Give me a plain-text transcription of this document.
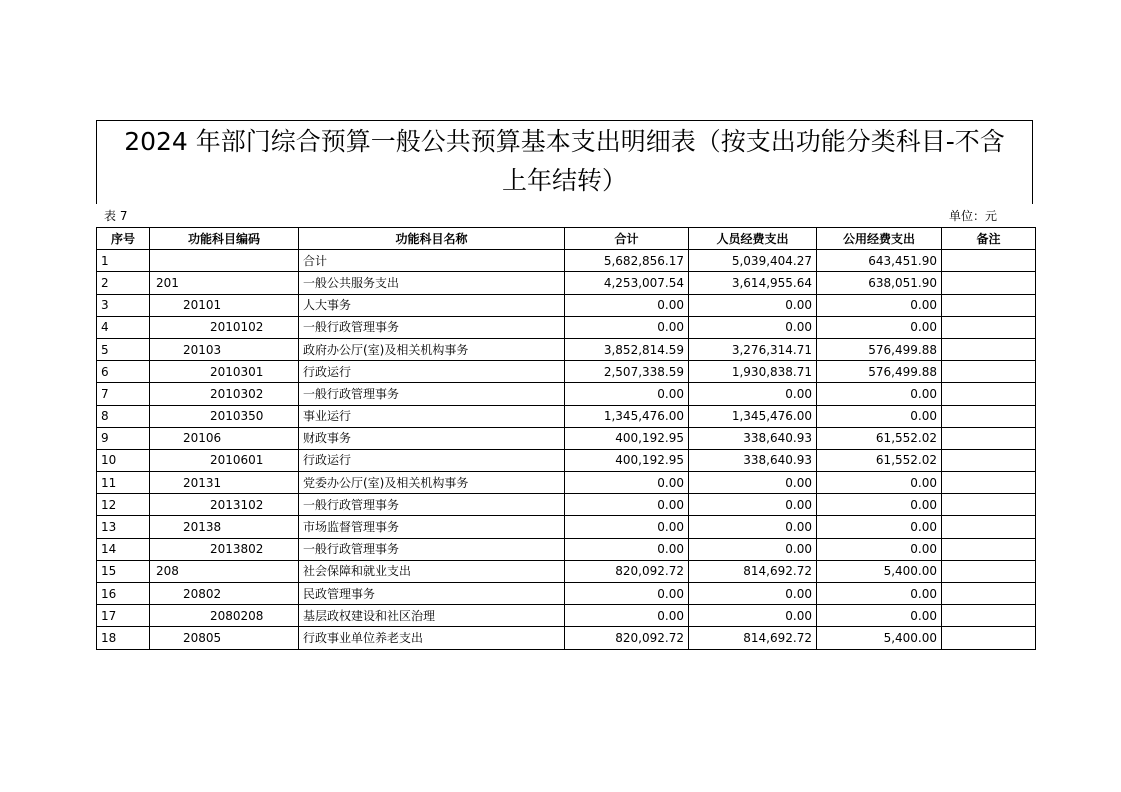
2024 年部门综合预算一般公共预算基本支出明细表（按支出功能分类科目-不含
上年结转）
表 7	单位：元
序号	功能科目编码	功能科目名称	合计	人员经费支出	公用经费支出	备注
1		合计	5,682,856.17	5,039,404.27	643,451.90	
2	201	一般公共服务支出	4,253,007.54	3,614,955.64	638,051.90	
3	20101	人大事务	0.00	0.00	0.00	
4	2010102	一般行政管理事务	0.00	0.00	0.00	
5	20103	政府办公厅(室)及相关机构事务	3,852,814.59	3,276,314.71	576,499.88	
6	2010301	行政运行	2,507,338.59	1,930,838.71	576,499.88	
7	2010302	一般行政管理事务	0.00	0.00	0.00	
8	2010350	事业运行	1,345,476.00	1,345,476.00	0.00	
9	20106	财政事务	400,192.95	338,640.93	61,552.02	
10	2010601	行政运行	400,192.95	338,640.93	61,552.02	
11	20131	党委办公厅(室)及相关机构事务	0.00	0.00	0.00	
12	2013102	一般行政管理事务	0.00	0.00	0.00	
13	20138	市场监督管理事务	0.00	0.00	0.00	
14	2013802	一般行政管理事务	0.00	0.00	0.00	
15	208	社会保障和就业支出	820,092.72	814,692.72	5,400.00	
16	20802	民政管理事务	0.00	0.00	0.00	
17	2080208	基层政权建设和社区治理	0.00	0.00	0.00	
18	20805	行政事业单位养老支出	820,092.72	814,692.72	5,400.00	
